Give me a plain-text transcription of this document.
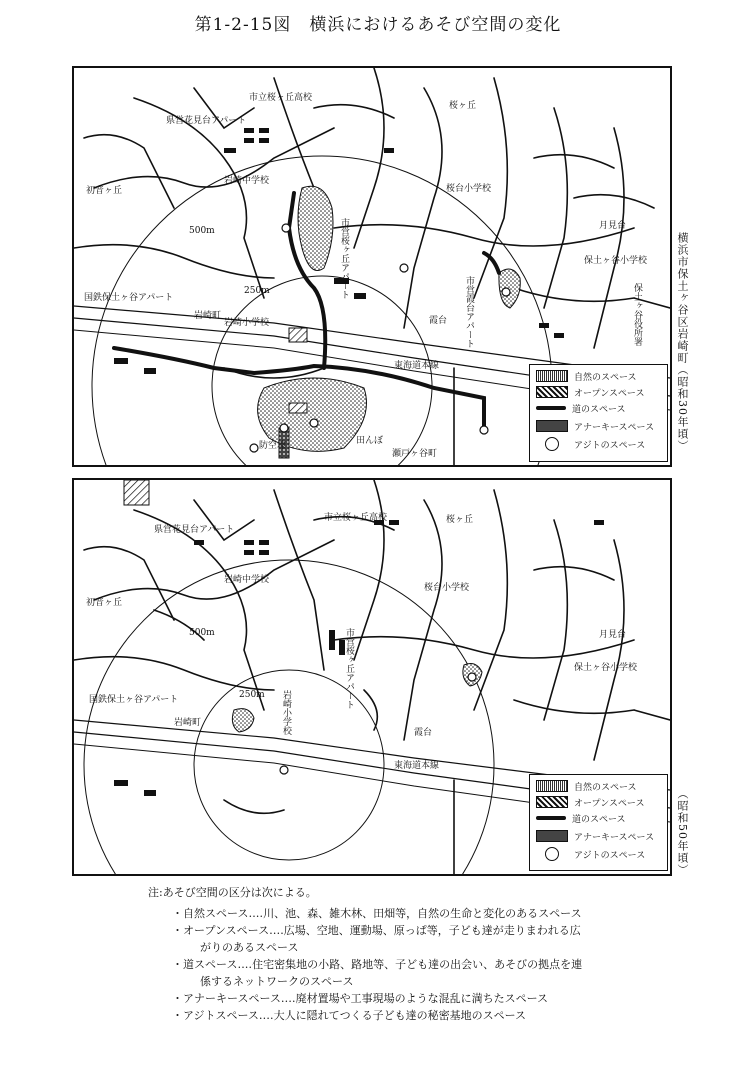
第1-2-15図　横浜におけるあそび空間の変化
市立桜ヶ丘高校
県営花見台アパート
桜ヶ丘
岩崎中学校
初音ヶ丘	桜台小学校
月見台
500m
保土ヶ谷小学校
250m
国鉄保土ヶ谷アパート
岩崎町
岩崎小学校	霞台
東海道本線
防空壕	田んぼ
瀬戸ヶ谷町
市営桜ヶ丘アパート
市営霞台アパート	保土ヶ谷役所署
自然のスペース
オープンスペース
道のスペース
アナーキースペース
アジトのスペース	横浜市保土ヶ谷区岩崎町（昭和30年頃）
市立桜ヶ丘高校
県営花見台アパート
桜ヶ丘
岩崎中学校
初音ヶ丘
桜台小学校
500m	月見台
保土ヶ谷小学校
市営桜ヶ丘アパート
国鉄保土ヶ谷アパート	250m 岩崎小学校
岩崎町
霞台
東海道本線
自然のスペース
オープンスペース
道のスペース
アナーキースペース
アジトのスペース	（昭和50年頃）
注:あそび空間の区分は次による。
・自然スペース‥‥川、池、森、雑木林、田畑等，自然の生命と変化のあるスペース
・オープンスペース‥‥広場、空地、運動場、原っぱ等，子ども達が走りまわれる広
がりのあるスペース
・道スペース‥‥住宅密集地の小路、路地等、子ども達の出会い、あそびの拠点を連
係するネットワークのスペース
・アナーキースペース‥‥廃材置場や工事現場のような混乱に満ちたスペース
・アジトスペース‥‥大人に隠れてつくる子ども達の秘密基地のスペース
